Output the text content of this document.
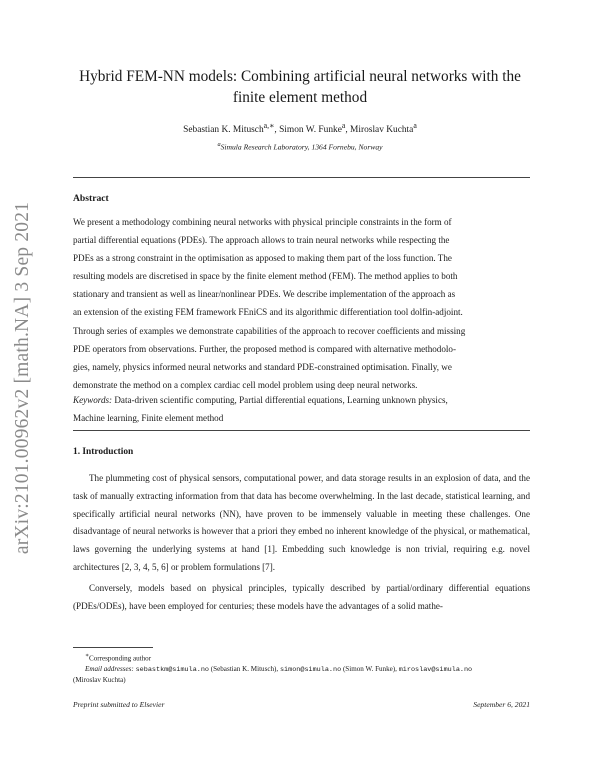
arXiv:2101.00962v2 [math.NA] 3 Sep 2021
Hybrid FEM-NN models: Combining artificial neural networks with the
finite element method
Sebastian K. Mitusch$^{a,∗}$, Simon W. Funke$^a$, Miroslav Kuchta$^a$
$^a$Simula Research Laboratory, 1364 Fornebu, Norway
Abstract

We present a methodology combining neural networks with physical principle constraints in the form of

partial differential equations (PDEs). The approach allows to train neural networks while respecting the

PDEs as a strong constraint in the optimisation as apposed to making them part of the loss function. The

resulting models are discretised in space by the finite element method (FEM). The method applies to both

stationary and transient as well as linear/nonlinear PDEs. We describe implementation of the approach as

an extension of the existing FEM framework FEniCS and its algorithmic differentiation tool dolfin-adjoint.

Through series of examples we demonstrate capabilities of the approach to recover coefficients and missing

PDE operators from observations. Further, the proposed method is compared with alternative methodolo-

gies, namely, physics informed neural networks and standard PDE-constrained optimisation. Finally, we

demonstrate the method on a complex cardiac cell model problem using deep neural networks.

Keywords: Data-driven scientific computing, Partial differential equations, Learning unknown physics,
Machine learning, Finite element method
1. Introduction

The plummeting cost of physical sensors, computational power, and data storage results in an explosion of data, and the task of manually extracting information from that data has become overwhelming. In the last decade, statistical learning, and specifically artificial neural networks (NN), have proven to be immensely valuable in meeting these challenges. One disadvantage of neural networks is however that a priori they embed no inherent knowledge of the physical, or mathematical, laws governing the underlying systems at hand [1]. Embedding such knowledge is non trivial, requiring e.g. novel architectures [2, 3, 4, 5, 6] or problem formulations [7].

Conversely, models based on physical principles, typically described by partial/ordinary differential equations (PDEs/ODEs), have been employed for centuries; these models have the advantages of a solid mathe-

∗Corresponding author
Email addresses: sebastkm@simula.no (Sebastian K. Mitusch), simon@simula.no (Simon W. Funke), miroslav@simula.no
(Miroslav Kuchta)
Preprint submitted to Elsevier	September 6, 2021
